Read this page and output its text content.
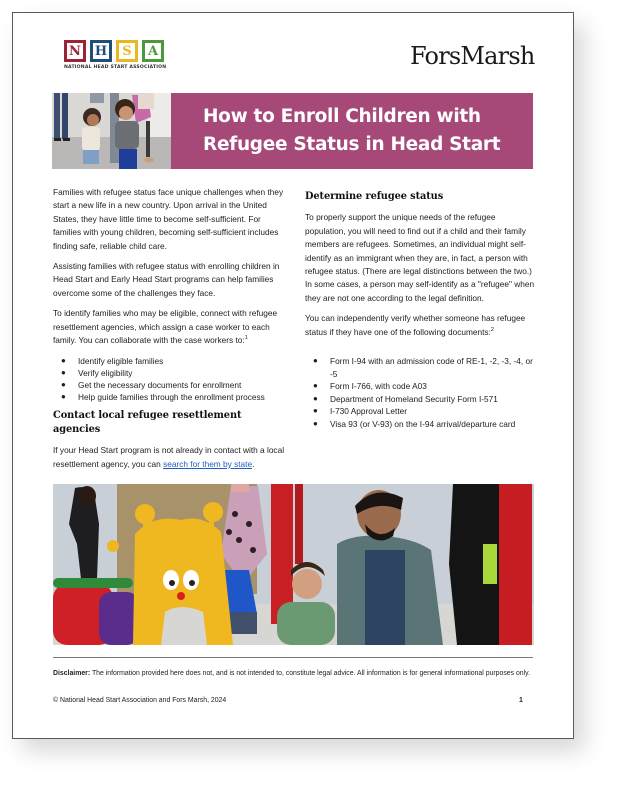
N	H	S	A
NATIONAL HEAD START ASSOCIATION	ForsMarsh
How to Enroll Children with
Refugee Status in Head Start

Families with refugee status face unique challenges when they start a new life in a new country. Upon arrival in the United States, they have little time to become self-sufficient. For families with young children, becoming self-sufficient includes finding safe, reliable child care.

Assisting families with refugee status with enrolling children in Head Start and Early Head Start programs can help families overcome some of the challenges they face.

To identify families who may be eligible, connect with refugee resettlement agencies, which assign a case worker to each family. You can collaborate with the case workers to:$^1$

● Identify eligible families
● Verify eligibility
● Get the necessary documents for enrollment
● Help guide families through the enrollment process
Contact local refugee resettlement agencies

If your Head Start program is not already in contact with a local resettlement agency, you can search for them by state.

Determine refugee status

To properly support the unique needs of the refugee population, you will need to find out if a child and their family members are refugees. Sometimes, an individual might self-identify as an immigrant when they are, in fact, a person with refugee status. (There are legal distinctions between the two.) In some cases, a person may self-identify as a "refugee" when they are not one according to the legal definition.

You can independently verify whether someone has refugee status if they have one of the following documents:$^2$

● Form I-94 with an admission code of RE-1, -2, -3, -4, or -5
● Form I-766, with code A03
● Department of Homeland Security Form I-571
● I-730 Approval Letter
● Visa 93 (or V-93) on the I-94 arrival/departure card
Disclaimer: The information provided here does not, and is not intended to, constitute legal advice. All information is for general informational purposes only.
© National Head Start Association and Fors Marsh, 2024	1
